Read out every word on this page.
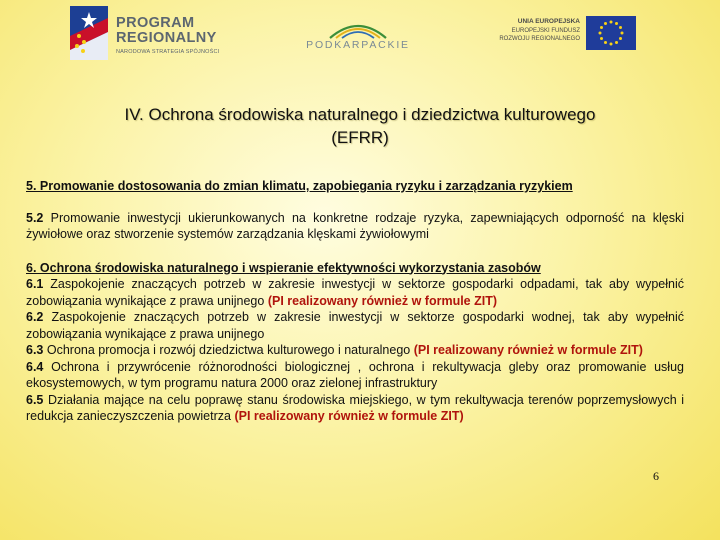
PROGRAM
REGIONALNY
NARODOWA STRATEGIA SPÓJNOŚCI
PODKARPACKIE
UNIA EUROPEJSKA
EUROPEJSKI FUNDUSZ
ROZWOJU REGIONALNEGO
IV. Ochrona środowiska naturalnego i dziedzictwa kulturowego
(EFRR)

5. Promowanie dostosowania do zmian klimatu, zapobiegania ryzyku i zarządzania ryzykiem

5.2 Promowanie inwestycji ukierunkowanych na konkretne rodzaje ryzyka, zapewniających odporność na klęski żywiołowe oraz stworzenie systemów zarządzania klęskami żywiołowymi

6. Ochrona środowiska naturalnego i wspieranie efektywności wykorzystania zasobów

6.1 Zaspokojenie znaczących potrzeb w zakresie inwestycji w sektorze gospodarki odpadami, tak aby wypełnić zobowiązania wynikające z prawa unijnego (PI realizowany również w formule ZIT)

6.2 Zaspokojenie znaczących potrzeb w zakresie inwestycji w sektorze gospodarki wodnej, tak aby wypełnić zobowiązania wynikające z prawa unijnego

6.3 Ochrona promocja i rozwój dziedzictwa kulturowego i naturalnego (PI realizowany również w formule ZIT)

6.4 Ochrona i przywrócenie różnorodności biologicznej , ochrona i rekultywacja gleby oraz promowanie usług ekosystemowych, w tym programu natura 2000 oraz zielonej infrastruktury

6.5 Działania mające na celu poprawę stanu środowiska miejskiego, w tym rekultywacja terenów poprzemysłowych i redukcja zanieczyszczenia powietrza (PI realizowany również w formule ZIT)

6
